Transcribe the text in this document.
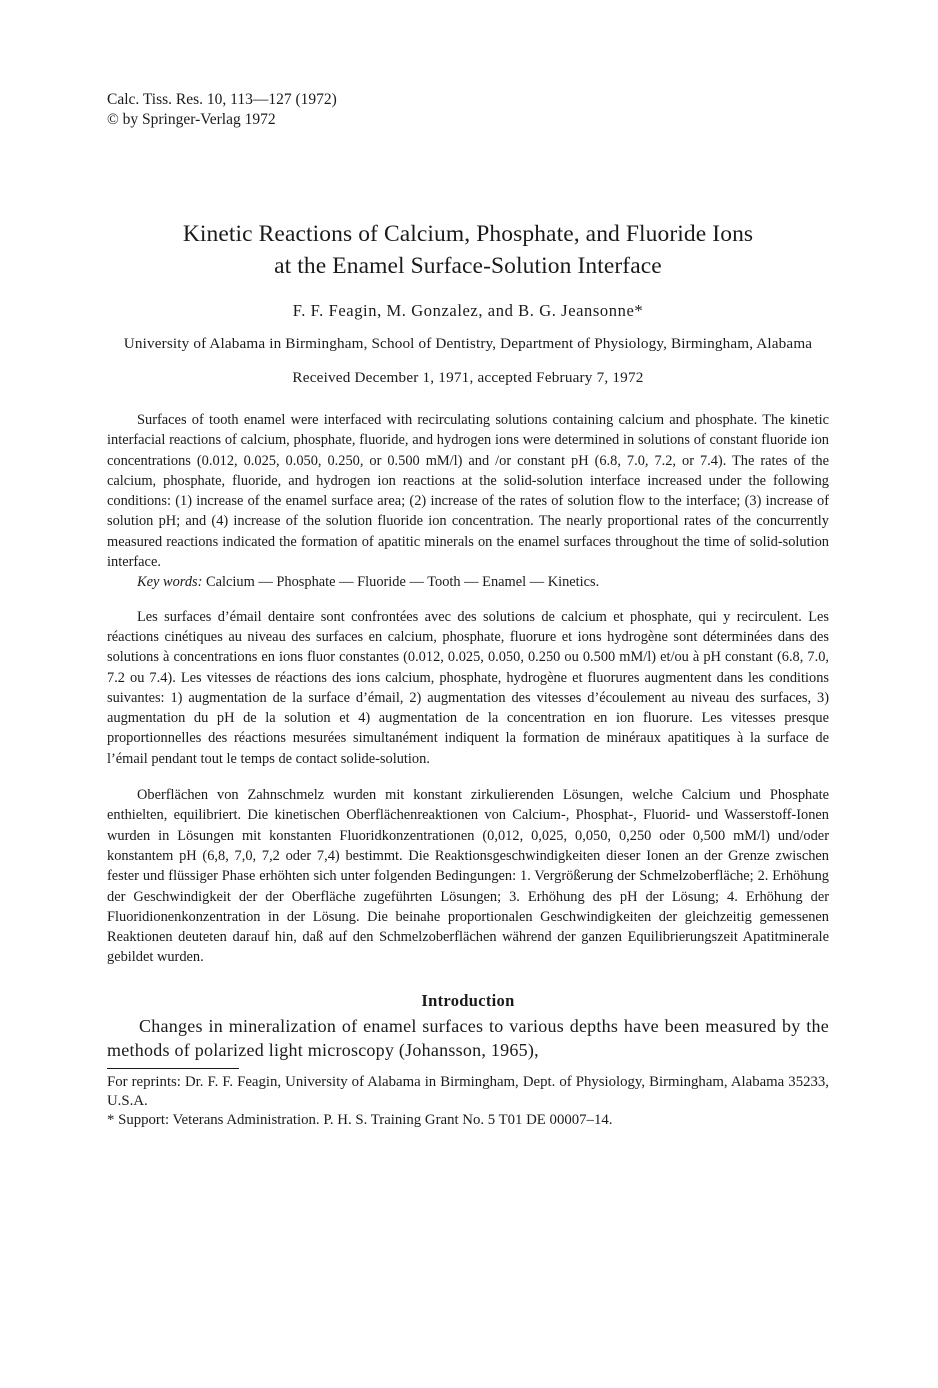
Calc. Tiss. Res. 10, 113—127 (1972)
© by Springer-Verlag 1972
Kinetic Reactions of Calcium, Phosphate, and Fluoride Ions
at the Enamel Surface-Solution Interface
F. F. Feagin, M. Gonzalez, and B. G. Jeansonne*
University of Alabama in Birmingham, School of Dentistry, Department of Physiology, Birmingham, Alabama
Received December 1, 1971, accepted February 7, 1972

Surfaces of tooth enamel were interfaced with recirculating solutions containing calcium and phosphate. The kinetic interfacial reactions of calcium, phosphate, fluoride, and hydrogen ions were determined in solutions of constant fluoride ion concentrations (0.012, 0.025, 0.050, 0.250, or 0.500 mM/l) and /or constant pH (6.8, 7.0, 7.2, or 7.4). The rates of the calcium, phosphate, fluoride, and hydrogen ion reactions at the solid-solution interface increased under the following conditions: (1) increase of the enamel surface area; (2) increase of the rates of solution flow to the interface; (3) increase of solution pH; and (4) increase of the solution fluoride ion concentration. The nearly proportional rates of the concurrently measured reactions indicated the formation of apatitic minerals on the enamel surfaces throughout the time of solid-solution interface.

Key words: Calcium — Phosphate — Fluoride — Tooth — Enamel — Kinetics.

Les surfaces d’émail dentaire sont confrontées avec des solutions de calcium et phosphate, qui y recirculent. Les réactions cinétiques au niveau des surfaces en calcium, phosphate, fluorure et ions hydrogène sont déterminées dans des solutions à concentrations en ions fluor constantes (0.012, 0.025, 0.050, 0.250 ou 0.500 mM/l) et/ou à pH constant (6.8, 7.0, 7.2 ou 7.4). Les vitesses de réactions des ions calcium, phosphate, hydrogène et fluorures augmentent dans les conditions suivantes: 1) augmentation de la surface d’émail, 2) augmentation des vitesses d’écoulement au niveau des surfaces, 3) augmentation du pH de la solution et 4) augmentation de la concentration en ion fluorure. Les vitesses presque proportionnelles des réactions mesurées simultanément indiquent la formation de minéraux apatitiques à la surface de l’émail pendant tout le temps de contact solide-solution.

Oberflächen von Zahnschmelz wurden mit konstant zirkulierenden Lösungen, welche Calcium und Phosphate enthielten, equilibriert. Die kinetischen Oberflächenreaktionen von Calcium-, Phosphat-, Fluorid- und Wasserstoff-Ionen wurden in Lösungen mit konstanten Fluoridkonzentrationen (0,012, 0,025, 0,050, 0,250 oder 0,500 mM/l) und/oder konstantem pH (6,8, 7,0, 7,2 oder 7,4) bestimmt. Die Reaktionsgeschwindigkeiten dieser Ionen an der Grenze zwischen fester und flüssiger Phase erhöhten sich unter folgenden Bedingungen: 1. Vergrößerung der Schmelzoberfläche; 2. Erhöhung der Geschwindigkeit der der Oberfläche zugeführten Lösungen; 3. Erhöhung des pH der Lösung; 4. Erhöhung der Fluoridionenkonzentration in der Lösung. Die beinahe proportionalen Geschwindigkeiten der gleichzeitig gemessenen Reaktionen deuteten darauf hin, daß auf den Schmelzoberflächen während der ganzen Equilibrierungszeit Apatitminerale gebildet wurden.

Introduction

Changes in mineralization of enamel surfaces to various depths have been measured by the methods of polarized light microscopy (Johansson, 1965),

For reprints: Dr. F. F. Feagin, University of Alabama in Birmingham, Dept. of Physiology, Birmingham, Alabama 35233, U.S.A.

* Support: Veterans Administration. P. H. S. Training Grant No. 5 T01 DE 00007–14.
